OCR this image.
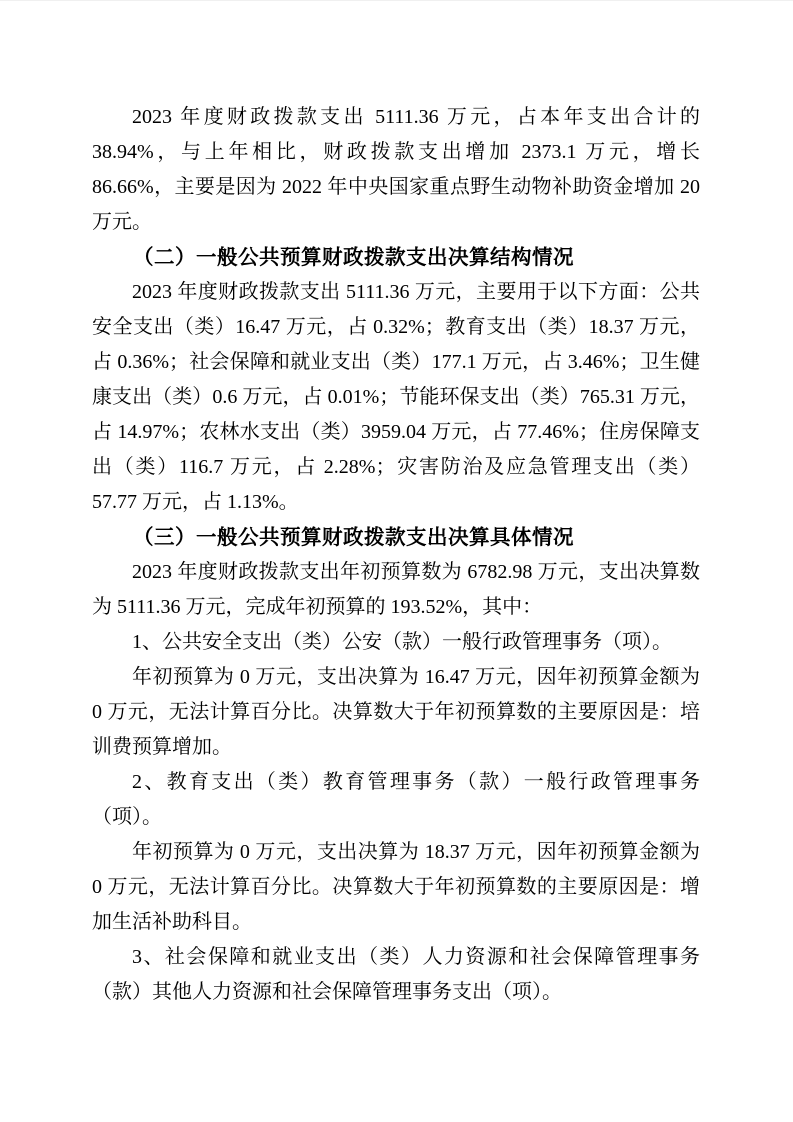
2023 年度财政拨款支出 5111.36 万元，占本年支出合计的 38.94%，与上年相比，财政拨款支出增加 2373.1 万元，增长 86.66%，主要是因为 2022 年中央国家重点野生动物补助资金增加 20 万元。

（二）一般公共预算财政拨款支出决算结构情况

2023 年度财政拨款支出 5111.36 万元，主要用于以下方面：公共安全支出（类）16.47 万元，占 0.32%；教育支出（类）18.37 万元，占 0.36%；社会保障和就业支出（类）177.1 万元，占 3.46%；卫生健康支出（类）0.6 万元，占 0.01%；节能环保支出（类）765.31 万元，占 14.97%；农林水支出（类）3959.04 万元，占 77.46%；住房保障支出（类）116.7 万元，占 2.28%；灾害防治及应急管理支出（类）57.77 万元，占 1.13%。

（三）一般公共预算财政拨款支出决算具体情况

2023 年度财政拨款支出年初预算数为 6782.98 万元，支出决算数为 5111.36 万元，完成年初预算的 193.52%，其中：

1、公共安全支出（类）公安（款）一般行政管理事务（项）。

年初预算为 0 万元，支出决算为 16.47 万元，因年初预算金额为 0 万元，无法计算百分比。决算数大于年初预算数的主要原因是：培训费预算增加。

2、教育支出（类）教育管理事务（款）一般行政管理事务（项）。

年初预算为 0 万元，支出决算为 18.37 万元，因年初预算金额为 0 万元，无法计算百分比。决算数大于年初预算数的主要原因是：增加生活补助科目。

3、社会保障和就业支出（类）人力资源和社会保障管理事务（款）其他人力资源和社会保障管理事务支出（项）。
